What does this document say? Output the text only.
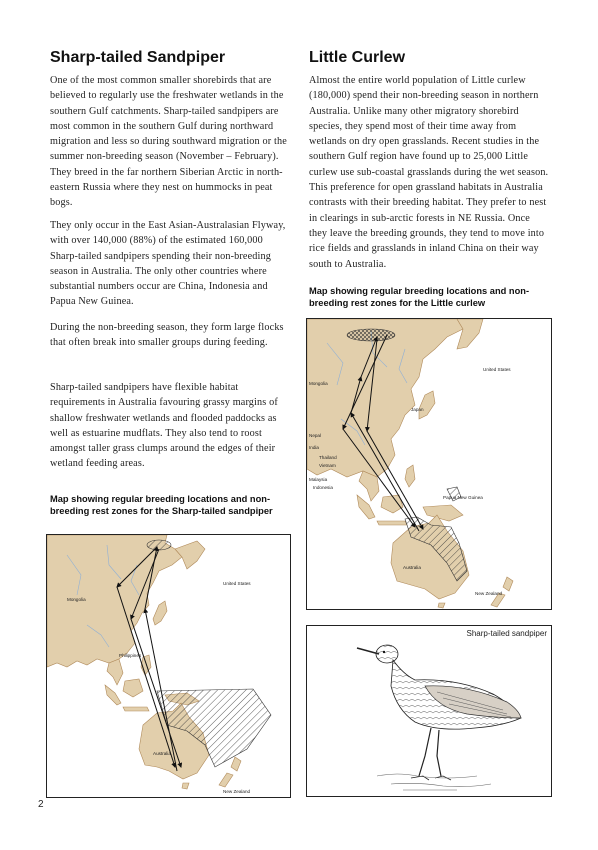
Sharp-tailed Sandpiper

One of the most common smaller shorebirds that are believed to regularly use the freshwater wetlands in the southern Gulf catchments. Sharp-tailed sandpipers are most common in the southern Gulf during northward migration and less so during southward migration or the summer non-breeding season (November – February). They breed in the far northern Siberian Arctic in north-eastern Russia where they nest on hummocks in peat bogs.

They only occur in the East Asian-Australasian Flyway, with over 140,000 (88%) of the estimated 160,000 Sharp-tailed sandpipers spending their non-breeding season in Australia. The only other countries where substantial numbers occur are China, Indonesia and Papua New Guinea.

During the non-breeding season, they form large flocks that often break into smaller groups during feeding.

Sharp-tailed sandpipers have flexible habitat requirements in Australia favouring grassy margins of shallow freshwater wetlands and flooded paddocks as well as estuarine mudflats. They also tend to roost amongst taller grass clumps around the edges of their wetland feeding areas.

Map showing regular breeding locations and non-breeding rest zones for the Sharp-tailed sandpiper

United States
Mongolia
Philippines
Australia
New Zealand
2
Little Curlew

Almost the entire world population of Little curlew (180,000) spend their non-breeding season in northern Australia. Unlike many other migratory shorebird species, they spend most of their time away from wetlands on dry open grasslands. Recent studies in the southern Gulf region have found up to 25,000 Little curlew use sub-coastal grasslands during the wet season. This preference for open grassland habitats in Australia contrasts with their breeding habitat. They prefer to nest in clearings in sub-arctic forests in NE Russia. Once they leave the breeding grounds, they tend to move into rice fields and grasslands in inland China on their way south to Australia.

Map showing regular breeding locations and non-breeding rest zones for the Little curlew

United States
Mongolia
Japan
Nepal
India
Thailand
Vietnam
Malaysia
Indonesia
Papua New Guinea
Australia
New Zealand
Sharp-tailed sandpiper
